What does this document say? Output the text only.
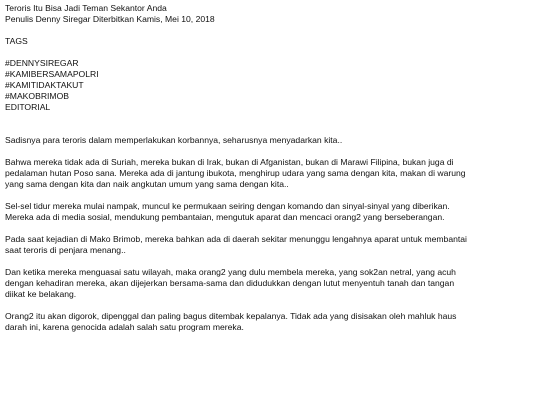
Teroris Itu Bisa Jadi Teman Sekantor Anda
Penulis Denny Siregar Diterbitkan Kamis, Mei 10, 2018
TAGS
#DENNYSIREGAR
#KAMIBERSAMAPOLRI
#KAMITIDAKTAKUT
#MAKOBRIMOB
EDITORIAL

Sadisnya para teroris dalam memperlakukan korbannya, seharusnya menyadarkan kita..

Bahwa mereka tidak ada di Suriah, mereka bukan di Irak, bukan di Afganistan, bukan di Marawi Filipina, bukan juga di
pedalaman hutan Poso sana. Mereka ada di jantung ibukota, menghirup udara yang sama dengan kita, makan di warung
yang sama dengan kita dan naik angkutan umum yang sama dengan kita..

Sel-sel tidur mereka mulai nampak, muncul ke permukaan seiring dengan komando dan sinyal-sinyal yang diberikan.
Mereka ada di media sosial, mendukung pembantaian, mengutuk aparat dan mencaci orang2 yang berseberangan.

Pada saat kejadian di Mako Brimob, mereka bahkan ada di daerah sekitar menunggu lengahnya aparat untuk membantai
saat teroris di penjara menang..

Dan ketika mereka menguasai satu wilayah, maka orang2 yang dulu membela mereka, yang sok2an netral, yang acuh
dengan kehadiran mereka, akan dijejerkan bersama-sama dan didudukkan dengan lutut menyentuh tanah dan tangan
diikat ke belakang.

Orang2 itu akan digorok, dipenggal dan paling bagus ditembak kepalanya. Tidak ada yang disisakan oleh mahluk haus
darah ini, karena genocida adalah salah satu program mereka.
